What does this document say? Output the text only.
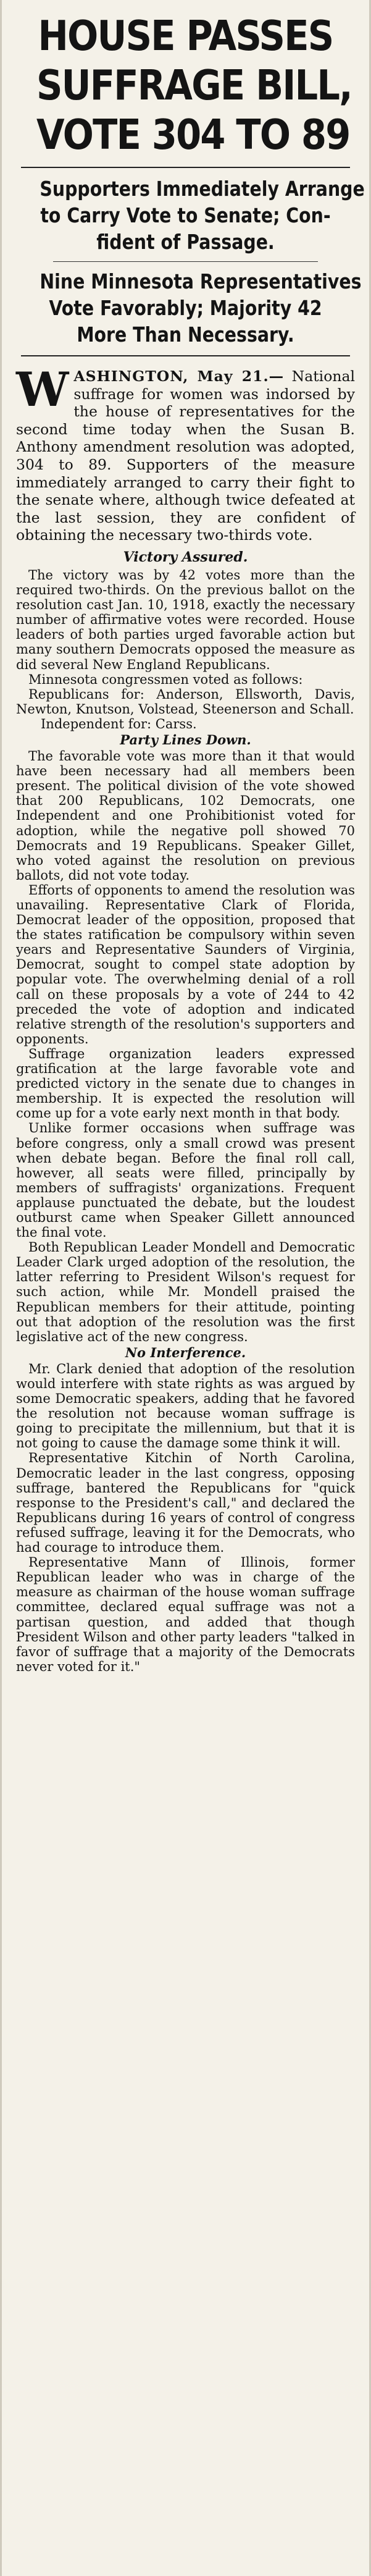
HOUSE PASSES
SUFFRAGE BILL,
VOTE 304 TO 89
Supporters Immediately Arrange
to Carry Vote to Senate; Con-
fident of Passage.
Nine Minnesota Representatives
Vote Favorably; Majority 42
More Than Necessary.

WASHINGTON, May 21.— National suffrage for women was indorsed by the house of representatives for the second time today when the Susan B. Anthony amendment resolution was adopted, 304 to 89. Supporters of the measure immediately arranged to carry their fight to the senate where, although twice defeated at the last session, they are confident of obtaining the necessary two-thirds vote.

Victory Assured.

The victory was by 42 votes more than the required two-thirds. On the previous ballot on the resolution cast Jan. 10, 1918, exactly the necessary number of affirmative votes were recorded. House leaders of both parties urged favorable action but many southern Democrats opposed the measure as did several New England Republicans.

Minnesota congressmen voted as follows:

Republicans for: Anderson, Ellsworth, Davis, Newton, Knutson, Volstead, Steenerson and Schall.

Independent for: Carss.

Party Lines Down.

The favorable vote was more than it that would have been necessary had all members been present. The political division of the vote showed that 200 Republicans, 102 Democrats, one Independent and one Prohibitionist voted for adoption, while the negative poll showed 70 Democrats and 19 Republicans. Speaker Gillet, who voted against the resolution on previous ballots, did not vote today.

Efforts of opponents to amend the resolution was unavailing. Representative Clark of Florida, Democrat leader of the opposition, proposed that the states ratification be compulsory within seven years and Representative Saunders of Virginia, Democrat, sought to compel state adoption by popular vote. The overwhelming denial of a roll call on these proposals by a vote of 244 to 42 preceded the vote of adoption and indicated relative strength of the resolution's supporters and opponents.

Suffrage organization leaders expressed gratification at the large favorable vote and predicted victory in the senate due to changes in membership. It is expected the resolution will come up for a vote early next month in that body.

Unlike former occasions when suffrage was before congress, only a small crowd was present when debate began. Before the final roll call, however, all seats were filled, principally by members of suffragists' organizations. Frequent applause punctuated the debate, but the loudest outburst came when Speaker Gillett announced the final vote.

Both Republican Leader Mondell and Democratic Leader Clark urged adoption of the resolution, the latter referring to President Wilson's request for such action, while Mr. Mondell praised the Republican members for their attitude, pointing out that adoption of the resolution was the first legislative act of the new congress.

No Interference.

Mr. Clark denied that adoption of the resolution would interfere with state rights as was argued by some Democratic speakers, adding that he favored the resolution not because woman suffrage is going to precipitate the millennium, but that it is not going to cause the damage some think it will.

Representative Kitchin of North Carolina, Democratic leader in the last congress, opposing suffrage, bantered the Republicans for "quick response to the President's call," and declared the Republicans during 16 years of control of congress refused suffrage, leaving it for the Democrats, who had courage to introduce them.

Representative Mann of Illinois, former Republican leader who was in charge of the measure as chairman of the house woman suffrage committee, declared equal suffrage was not a partisan question, and added that though President Wilson and other party leaders "talked in favor of suffrage that a majority of the Democrats never voted for it."
